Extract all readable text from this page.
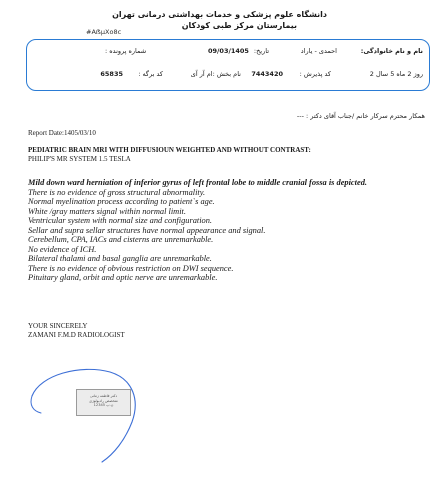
دانشگاه علوم پزشکی و خدمات بهداشتی درمانی تهران
بیمارستان مرکز طبی کودکان
#AẞµXo8c
نام و نام خانوادگی:
احمدی - یاراد
تاریخ:
09/03/1405
شماره پرونده :
2 سال 5 ماه 2 روز
کد پذیرش :
7443420
نام بخش :ام آر آی
کد برگه :
65835
همکار محترم سرکار خانم /جناب آقای دکتر : ---
Report Date:1405/03/10
PEDIATRIC BRAIN MRI WITH DIFFUSIOUN WEIGHTED AND WITHOUT CONTRAST:
PHILIP'S MR SYSTEM 1.5 TESLA
Mild down ward herniation of inferior gyrus of left frontal lobe to middle cranial fossa is depicted.
There is no evidence of gross structural abnormality.
Normal myelination process according to patient`s age.
White /gray matters signal within normal limit.
Ventricular system with normal size and configuration.
Sellar and supra sellar structures have normal appearance and signal.
Cerebellum, CPA, IACs and cisterns are unremarkable.
No evidence of ICH.
Bilateral thalami and basal ganglia are unremarkable.
There is no evidence of obvious restriction on DWI sequence.
Pituitary gland, orbit and optic nerve are unremarkable.
YOUR SINCERELY
ZAMANI F.M.D RADIOLOGIST
دکتر فاطمه زمانی
متخصص رادیولوژی
ن.پ 12345
